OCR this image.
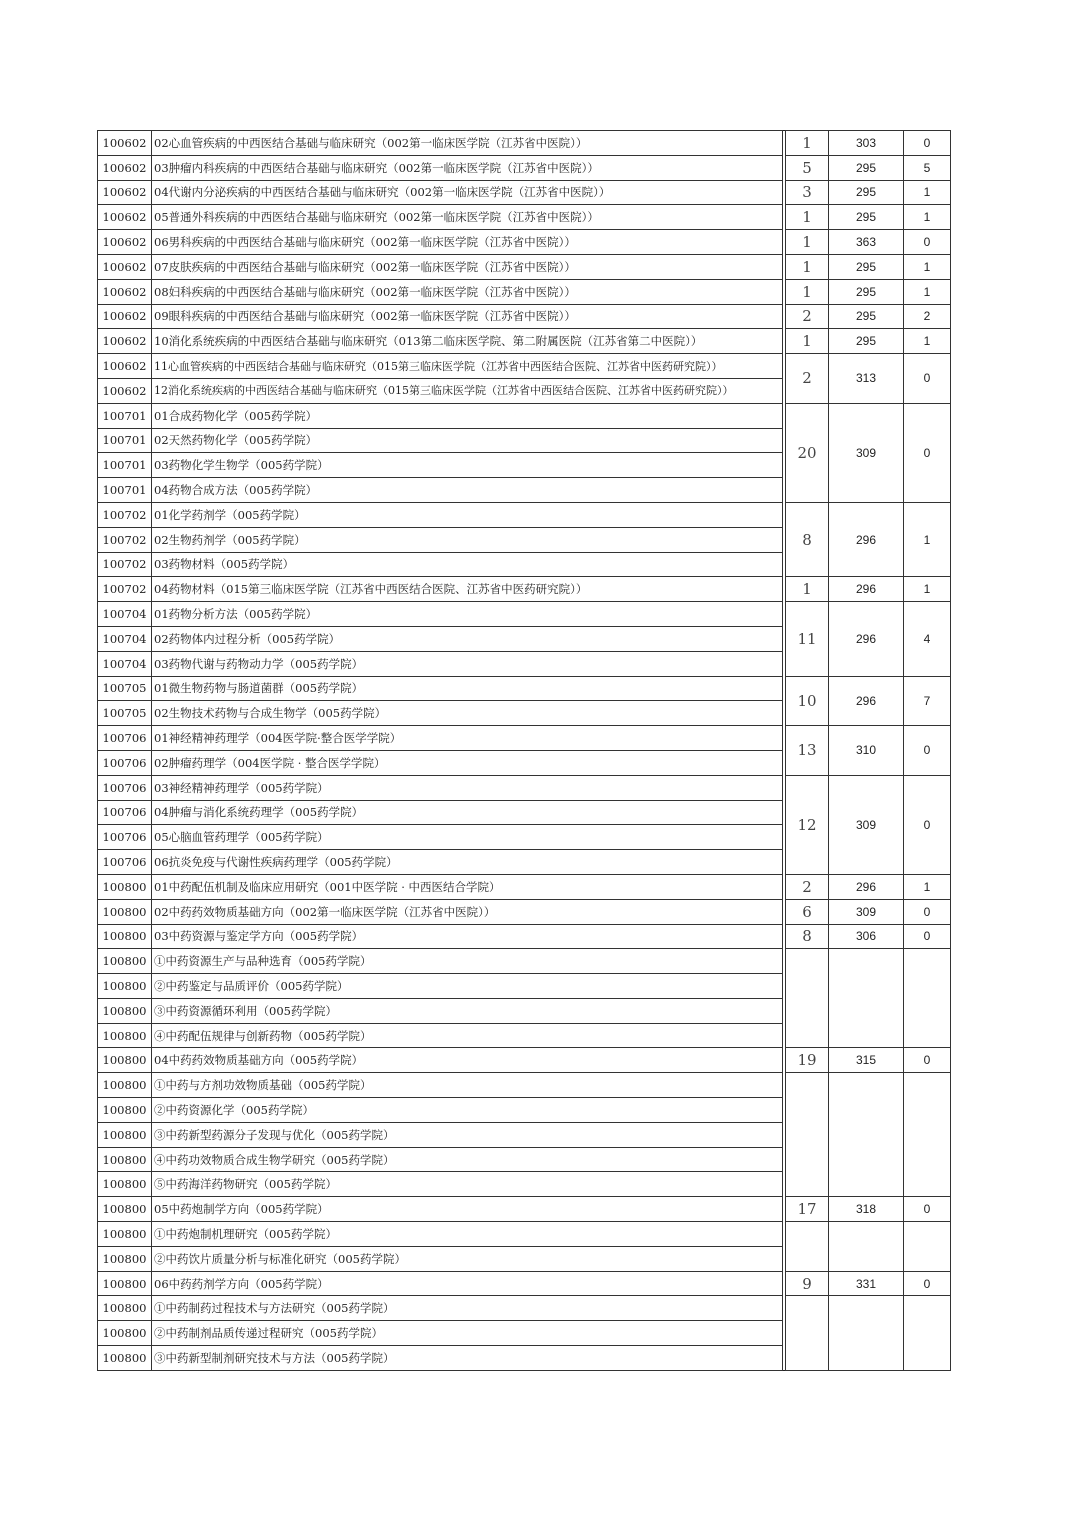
100602	02心血管疾病的中西医结合基础与临床研究（002第一临床医学院（江苏省中医院））		1	303	0
100602	03肿瘤内科疾病的中西医结合基础与临床研究（002第一临床医学院（江苏省中医院））		5	295	5
100602	04代谢内分泌疾病的中西医结合基础与临床研究（002第一临床医学院（江苏省中医院））		3	295	1
100602	05普通外科疾病的中西医结合基础与临床研究（002第一临床医学院（江苏省中医院））		1	295	1
100602	06男科疾病的中西医结合基础与临床研究（002第一临床医学院（江苏省中医院））		1	363	0
100602	07皮肤疾病的中西医结合基础与临床研究（002第一临床医学院（江苏省中医院））		1	295	1
100602	08妇科疾病的中西医结合基础与临床研究（002第一临床医学院（江苏省中医院））		1	295	1
100602	09眼科疾病的中西医结合基础与临床研究（002第一临床医学院（江苏省中医院））		2	295	2
100602	10消化系统疾病的中西医结合基础与临床研究（013第二临床医学院、第二附属医院（江苏省第二中医院））		1	295	1
100602	11心血管疾病的中西医结合基础与临床研究（015第三临床医学院（江苏省中西医结合医院、江苏省中医药研究院））		2	313	0
100602	12消化系统疾病的中西医结合基础与临床研究（015第三临床医学院（江苏省中西医结合医院、江苏省中医药研究院））				
100701	01合成药物化学（005药学院）		20	309	0
100701	02天然药物化学（005药学院）				
100701	03药物化学生物学（005药学院）				
100701	04药物合成方法（005药学院）				
100702	01化学药剂学（005药学院）		8	296	1
100702	02生物药剂学（005药学院）				
100702	03药物材料（005药学院）				
100702	04药物材料（015第三临床医学院（江苏省中西医结合医院、江苏省中医药研究院））		1	296	1
100704	01药物分析方法（005药学院）		11	296	4
100704	02药物体内过程分析（005药学院）				
100704	03药物代谢与药物动力学（005药学院）				
100705	01微生物药物与肠道菌群（005药学院）		10	296	7
100705	02生物技术药物与合成生物学（005药学院）				
100706	01神经精神药理学（004医学院·整合医学学院）		13	310	0
100706	02肿瘤药理学（004医学院 · 整合医学学院）				
100706	03神经精神药理学（005药学院）		12	309	0
100706	04肿瘤与消化系统药理学（005药学院）				
100706	05心脑血管药理学（005药学院）				
100706	06抗炎免疫与代谢性疾病药理学（005药学院）				
100800	01中药配伍机制及临床应用研究（001中医学院 · 中西医结合学院）		2	296	1
100800	02中药药效物质基础方向（002第一临床医学院（江苏省中医院））		6	309	0
100800	03中药资源与鉴定学方向（005药学院）		8	306	0
100800	①中药资源生产与品种选育（005药学院）				
100800	②中药鉴定与品质评价（005药学院）				
100800	③中药资源循环利用（005药学院）				
100800	④中药配伍规律与创新药物（005药学院）				
100800	04中药药效物质基础方向（005药学院）		19	315	0
100800	①中药与方剂功效物质基础（005药学院）				
100800	②中药资源化学（005药学院）				
100800	③中药新型药源分子发现与优化（005药学院）				
100800	④中药功效物质合成生物学研究（005药学院）				
100800	⑤中药海洋药物研究（005药学院）				
100800	05中药炮制学方向（005药学院）		17	318	0
100800	①中药炮制机理研究（005药学院）				
100800	②中药饮片质量分析与标准化研究（005药学院）				
100800	06中药药剂学方向（005药学院）		9	331	0
100800	①中药制药过程技术与方法研究（005药学院）				
100800	②中药制剂品质传递过程研究（005药学院）				
100800	③中药新型制剂研究技术与方法（005药学院）				
